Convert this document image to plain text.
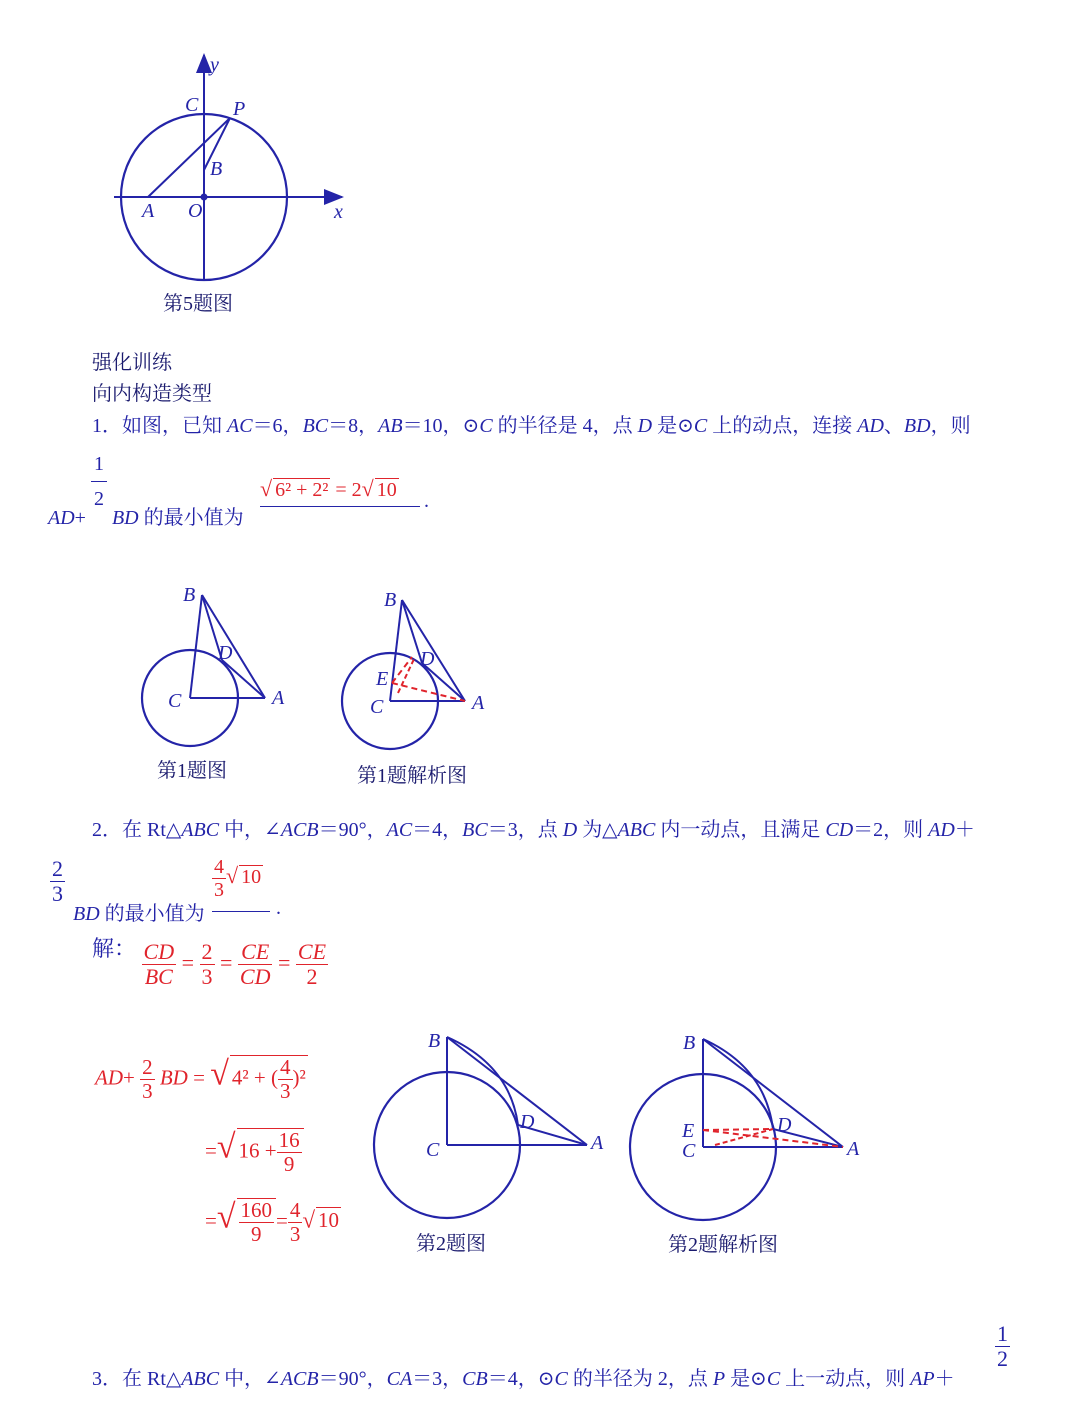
y
x
C P
B
A O
第5题图
强化训练
向内构造类型
1．如图，已知 AC＝6，BC＝8，AB＝10，⊙C 的半径是 4，点 D 是⊙C 上的动点，连接 AD、BD，则
AD+
$\frac{1}{2}$
BD 的最小值为
√ 6² + 2² = 2√ 10	.
B
D
C	A
第1题图
B
D
E
C	A
第1题解析图
2．在 Rt△ABC 中，∠ACB＝90°，AC＝4，BC＝3，点 D 为△ABC 内一动点，且满足 CD＝2，则 AD＋
$\frac{2}{3}$
BD 的最小值为
$\frac{4}{3}$ √ 10
.
解： $\frac{CD}{BC} = \frac{2}{3} = \frac{CE}{CD} = \frac{CE}{2}$
$AD+ \frac{2}{3}$ BD = √ 4² + ( $\frac{4}{3} )^2$
=√ $16 + \frac{16}{9}$
=√ $\frac{160}{9} = \frac{4}{3}$ √ 10
B
D
C	A
第2题图
B
D
E
C	A
第2题解析图
3．在 Rt△ABC 中，∠ACB＝90°，CA＝3，CB＝4，⊙C 的半径为 2，点 P 是⊙C 上一动点，则 AP＋
$\frac{1}{2}$
